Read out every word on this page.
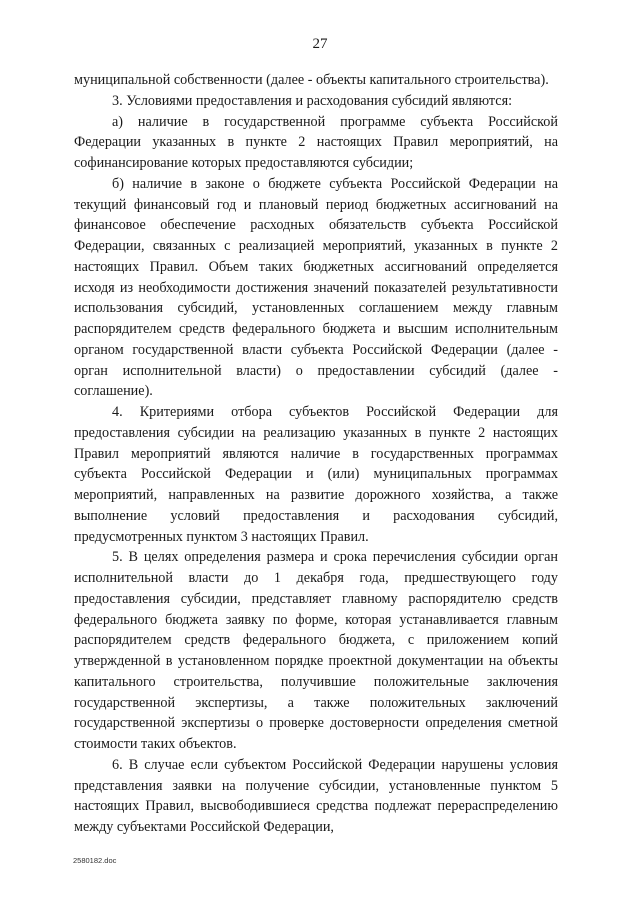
27

муниципальной собственности (далее - объекты капитального строительства).

3. Условиями предоставления и расходования субсидий являются:

а) наличие в государственной программе субъекта Российской Федерации указанных в пункте 2 настоящих Правил мероприятий, на софинансирование которых предоставляются субсидии;

б) наличие в законе о бюджете субъекта Российской Федерации на текущий финансовый год и плановый период бюджетных ассигнований на финансовое обеспечение расходных обязательств субъекта Российской Федерации, связанных с реализацией мероприятий, указанных в пункте 2 настоящих Правил. Объем таких бюджетных ассигнований определяется исходя из необходимости достижения значений показателей результативности использования субсидий, установленных соглашением между главным распорядителем средств федерального бюджета и высшим исполнительным органом государственной власти субъекта Российской Федерации (далее - орган исполнительной власти) о предоставлении субсидий (далее - соглашение).

4. Критериями отбора субъектов Российской Федерации для предоставления субсидии на реализацию указанных в пункте 2 настоящих Правил мероприятий являются наличие в государственных программах субъекта Российской Федерации и (или) муниципальных программах мероприятий, направленных на развитие дорожного хозяйства, а также выполнение условий предоставления и расходования субсидий, предусмотренных пунктом 3 настоящих Правил.

5. В целях определения размера и срока перечисления субсидии орган исполнительной власти до 1 декабря года, предшествующего году предоставления субсидии, представляет главному распорядителю средств федерального бюджета заявку по форме, которая устанавливается главным распорядителем средств федерального бюджета, с приложением копий утвержденной в установленном порядке проектной документации на объекты капитального строительства, получившие положительные заключения государственной экспертизы, а также положительных заключений государственной экспертизы о проверке достоверности определения сметной стоимости таких объектов.

6. В случае если субъектом Российской Федерации нарушены условия представления заявки на получение субсидии, установленные пунктом 5 настоящих Правил, высвободившиеся средства подлежат перераспределению между субъектами Российской Федерации,

2580182.doc
